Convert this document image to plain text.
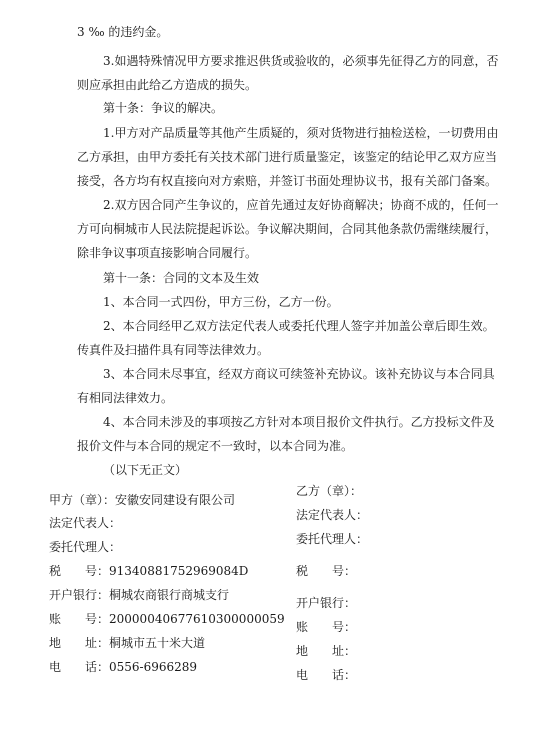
3 ‰ 的违约金。
3.如遇特殊情况甲方要求推迟供货或验收的，必须事先征得乙方的同意，否
则应承担由此给乙方造成的损失。
第十条：争议的解决。
1.甲方对产品质量等其他产生质疑的，须对货物进行抽检送检，一切费用由
乙方承担，由甲方委托有关技术部门进行质量鉴定，该鉴定的结论甲乙双方应当
接受，各方均有权直接向对方索赔，并签订书面处理协议书，报有关部门备案。
2.双方因合同产生争议的，应首先通过友好协商解决；协商不成的，任何一
方可向桐城市人民法院提起诉讼。争议解决期间，合同其他条款仍需继续履行，
除非争议事项直接影响合同履行。
第十一条：合同的文本及生效
1、本合同一式四份，甲方三份，乙方一份。
2、本合同经甲乙双方法定代表人或委托代理人签字并加盖公章后即生效。
传真件及扫描件具有同等法律效力。
3、本合同未尽事宜，经双方商议可续签补充协议。该补充协议与本合同具
有相同法律效力。
4、本合同未涉及的事项按乙方针对本项目报价文件执行。乙方投标文件及
报价文件与本合同的规定不一致时，以本合同为准。
（以下无正文）
甲方（章）：安徽安同建设有限公司
法定代表人：
委托代理人：
税　　号：91340881752969084D
开户银行：桐城农商银行商城支行
账　　号：20000040677610300000059
地　　址：桐城市五十米大道
电　　话：0556-6966289
乙方（章）：
法定代表人：
委托代理人：
税　　号：
开户银行：
账　　号：
地　　址：
电　　话：
